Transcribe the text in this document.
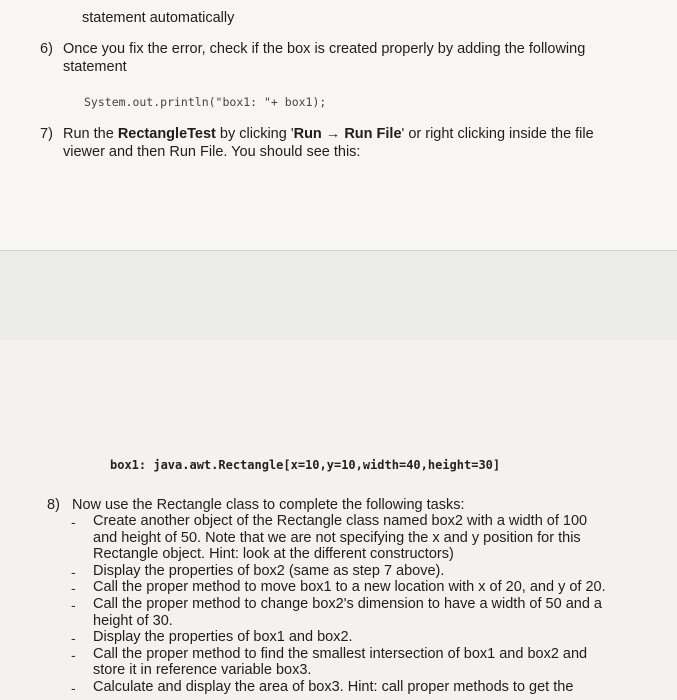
statement automatically
6) Once you fix the error, check if the box is created properly by adding the following
statement
System.out.println("box1: "+ box1);
7) Run the RectangleTest by clicking 'Run → Run File' or right clicking inside the file
viewer and then Run File. You should see this:
box1: java.awt.Rectangle[x=10,y=10,width=40,height=30]
8) Now use the Rectangle class to complete the following tasks:
- Create another object of the Rectangle class named box2 with a width of 100
and height of 50. Note that we are not specifying the x and y position for this
Rectangle object. Hint: look at the different constructors)
- Display the properties of box2 (same as step 7 above).
- Call the proper method to move box1 to a new location with x of 20, and y of 20.
- Call the proper method to change box2's dimension to have a width of 50 and a
height of 30.
- Display the properties of box1 and box2.
- Call the proper method to find the smallest intersection of box1 and box2 and
store it in reference variable box3.
- Calculate and display the area of box3. Hint: call proper methods to get the
